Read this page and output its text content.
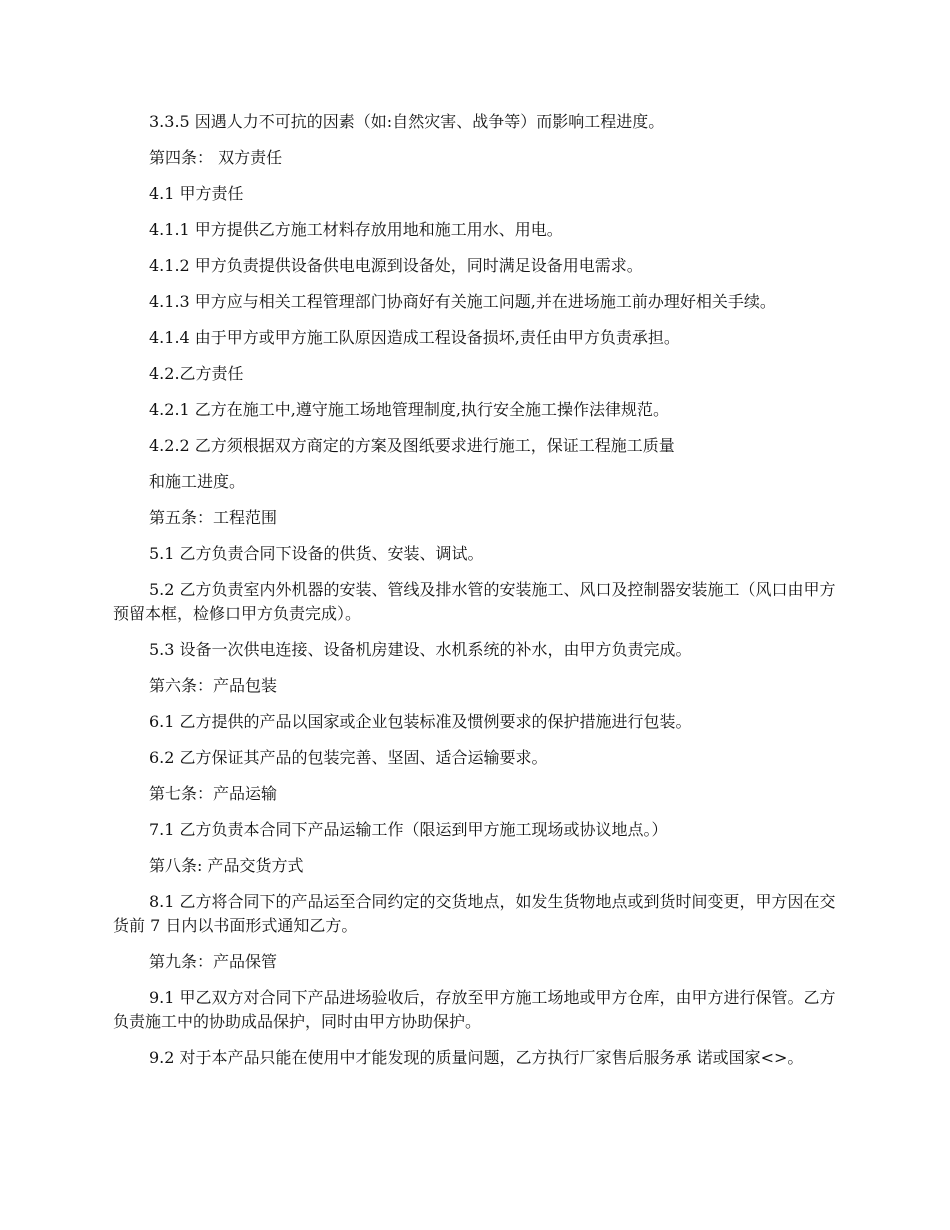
3.3.5 因遇人力不可抗的因素（如:自然灾害、战争等）而影响工程进度。

第四条： 双方责任

4.1 甲方责任

4.1.1 甲方提供乙方施工材料存放用地和施工用水、用电。

4.1.2 甲方负责提供设备供电电源到设备处，同时满足设备用电需求。

4.1.3 甲方应与相关工程管理部门协商好有关施工问题,并在进场施工前办理好相关手续。

4.1.4 由于甲方或甲方施工队原因造成工程设备损坏,责任由甲方负责承担。

4.2.乙方责任

4.2.1 乙方在施工中,遵守施工场地管理制度,执行安全施工操作法律规范。

4.2.2 乙方须根据双方商定的方案及图纸要求进行施工，保证工程施工质量

和施工进度。

第五条：工程范围

5.1 乙方负责合同下设备的供货、安装、调试。

5.2 乙方负责室内外机器的安装、管线及排水管的安装施工、风口及控制器安装施工（风口由甲方预留本框，检修口甲方负责完成）。

5.3 设备一次供电连接、设备机房建设、水机系统的补水，由甲方负责完成。

第六条：产品包装

6.1 乙方提供的产品以国家或企业包装标准及惯例要求的保护措施进行包装。

6.2 乙方保证其产品的包装完善、坚固、适合运输要求。

第七条：产品运输

7.1 乙方负责本合同下产品运输工作（限运到甲方施工现场或协议地点。）

第八条: 产品交货方式

8.1 乙方将合同下的产品运至合同约定的交货地点，如发生货物地点或到货时间变更，甲方因在交货前 7 日内以书面形式通知乙方。

第九条：产品保管

9.1 甲乙双方对合同下产品进场验收后，存放至甲方施工场地或甲方仓库，由甲方进行保管。乙方负责施工中的协助成品保护，同时由甲方协助保护。

9.2 对于本产品只能在使用中才能发现的质量问题，乙方执行厂家售后服务承 诺或国家<>。
